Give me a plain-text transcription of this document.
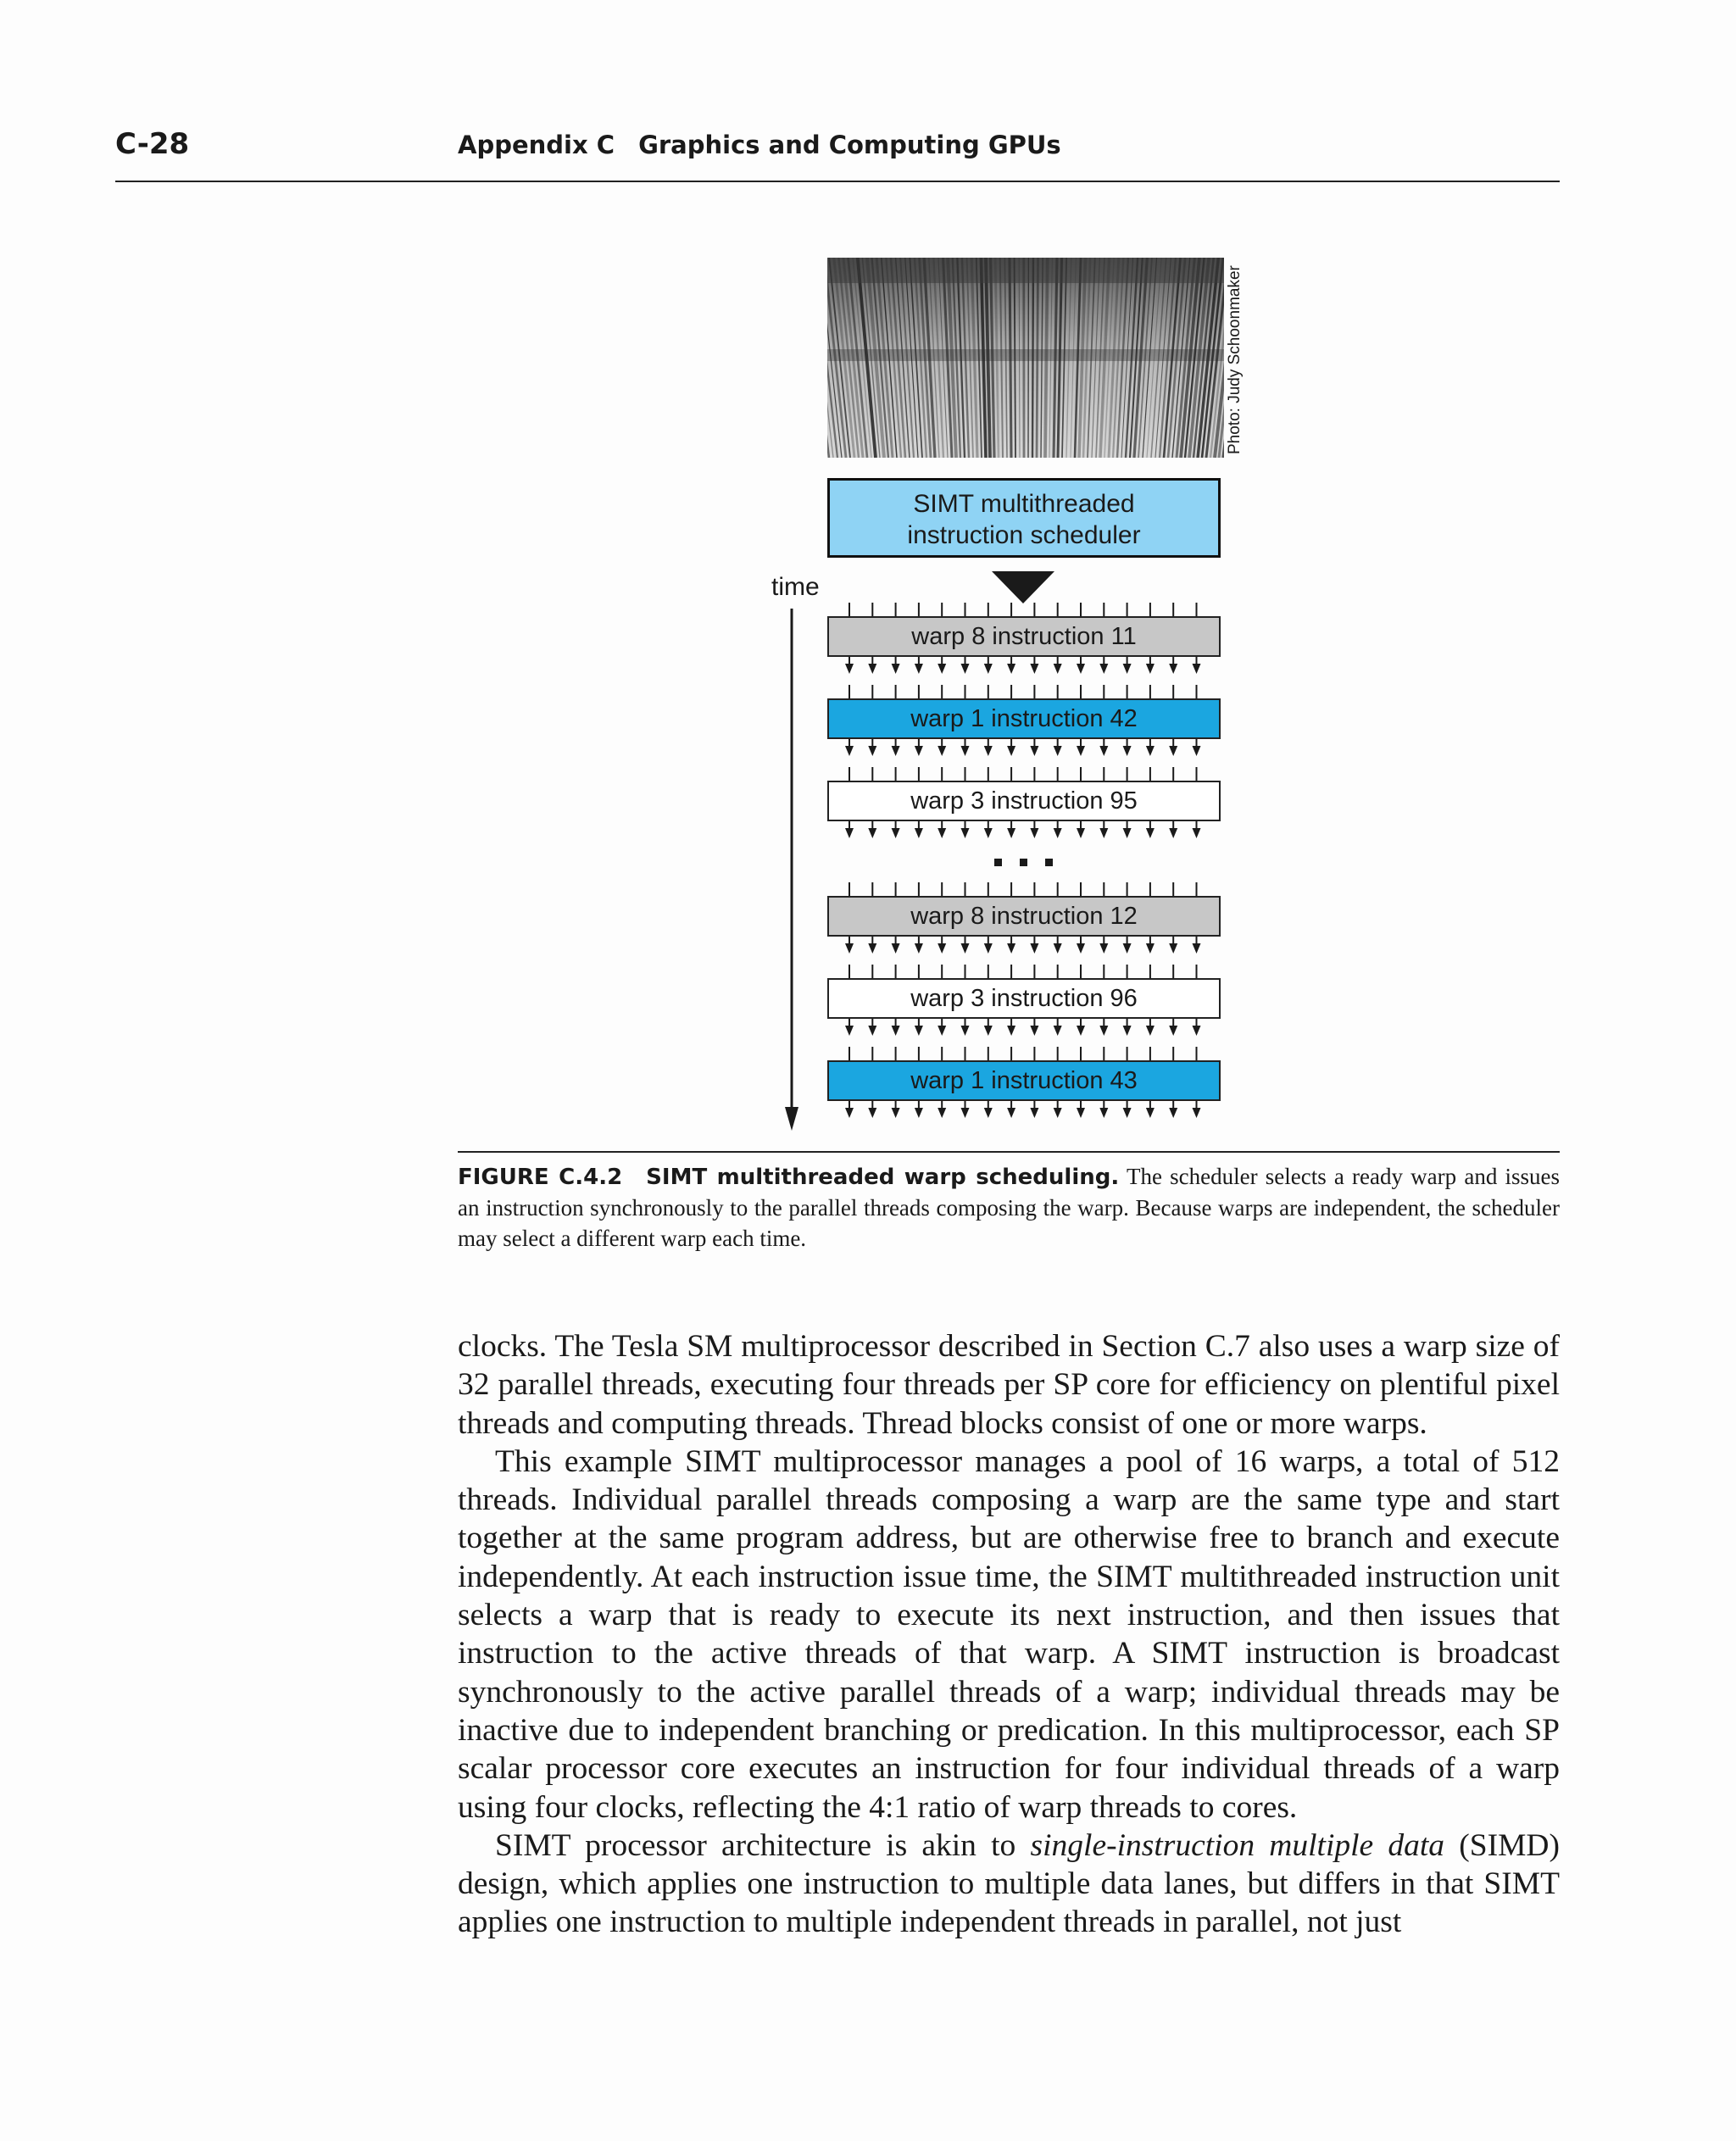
C-28	Appendix C Graphics and Computing GPUs
Photo: Judy Schoonmaker
SIMT multithreaded
instruction scheduler
time
warp 8 instruction 11
warp 1 instruction 42
warp 3 instruction 95
warp 8 instruction 12
warp 3 instruction 96
warp 1 instruction 43
FIGURE C.4.2 SIMT multithreaded warp scheduling. The scheduler selects a ready warp and issues an instruction synchronously to the parallel threads composing the warp. Because warps are independent, the scheduler may select a different warp each time.

clocks. The Tesla SM multiprocessor described in Section C.7 also uses a warp size of 32 parallel threads, executing four threads per SP core for efficiency on plentiful pixel threads and computing threads. Thread blocks consist of one or more warps.

This example SIMT multiprocessor manages a pool of 16 warps, a total of 512 threads. Individual parallel threads composing a warp are the same type and start together at the same program address, but are otherwise free to branch and execute independently. At each instruction issue time, the SIMT multithreaded instruction unit selects a warp that is ready to execute its next instruction, and then issues that instruction to the active threads of that warp. A SIMT instruction is broadcast synchronously to the active parallel threads of a warp; individual threads may be inactive due to independent branching or predication. In this multiprocessor, each SP scalar processor core executes an instruction for four individual threads of a warp using four clocks, reflecting the 4:1 ratio of warp threads to cores.

SIMT processor architecture is akin to single-instruction multiple data (SIMD) design, which applies one instruction to multiple data lanes, but differs in that SIMT applies one instruction to multiple independent threads in parallel, not just
